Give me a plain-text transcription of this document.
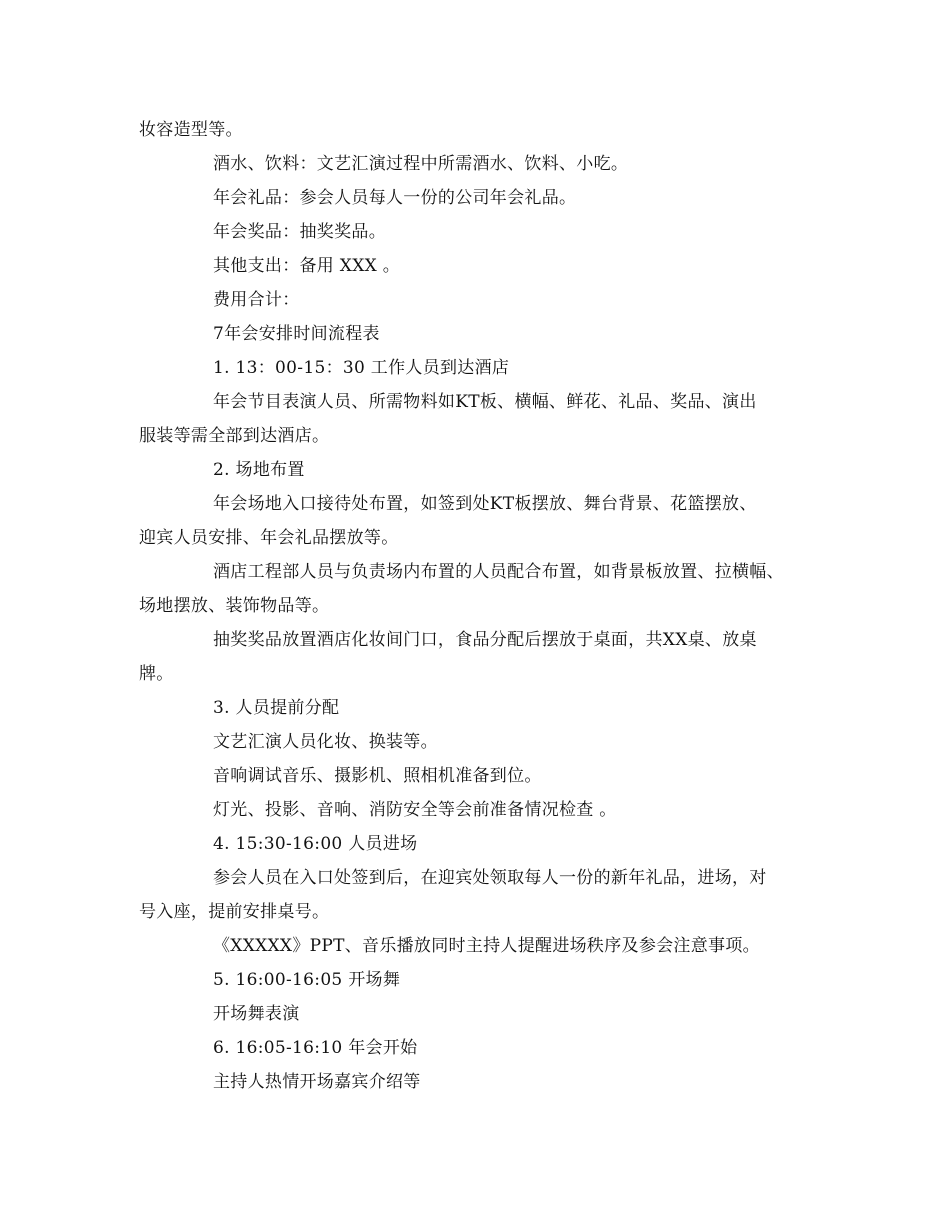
妆容造型等。
酒水、饮料：文艺汇演过程中所需酒水、饮料、小吃。
年会礼品：参会人员每人一份的公司年会礼品。
年会奖品：抽奖奖品。
其他支出：备用 XXX 。
费用合计：
7年会安排时间流程表
1. 13：00-15：30 工作人员到达酒店
年会节目表演人员、所需物料如KT板、横幅、鲜花、礼品、奖品、演出
服装等需全部到达酒店。
2. 场地布置
年会场地入口接待处布置，如签到处KT板摆放、舞台背景、花篮摆放、
迎宾人员安排、年会礼品摆放等。
酒店工程部人员与负责场内布置的人员配合布置，如背景板放置、拉横幅、
场地摆放、装饰物品等。
抽奖奖品放置酒店化妆间门口，食品分配后摆放于桌面，共XX桌、放桌
牌。
3. 人员提前分配
文艺汇演人员化妆、换装等。
音响调试音乐、摄影机、照相机准备到位。
灯光、投影、音响、消防安全等会前准备情况检查 。
4. 15:30-16:00 人员进场
参会人员在入口处签到后，在迎宾处领取每人一份的新年礼品，进场，对
号入座，提前安排桌号。
《XXXXX》PPT、音乐播放同时主持人提醒进场秩序及参会注意事项。
5. 16:00-16:05 开场舞
开场舞表演
6. 16:05-16:10 年会开始
主持人热情开场嘉宾介绍等
